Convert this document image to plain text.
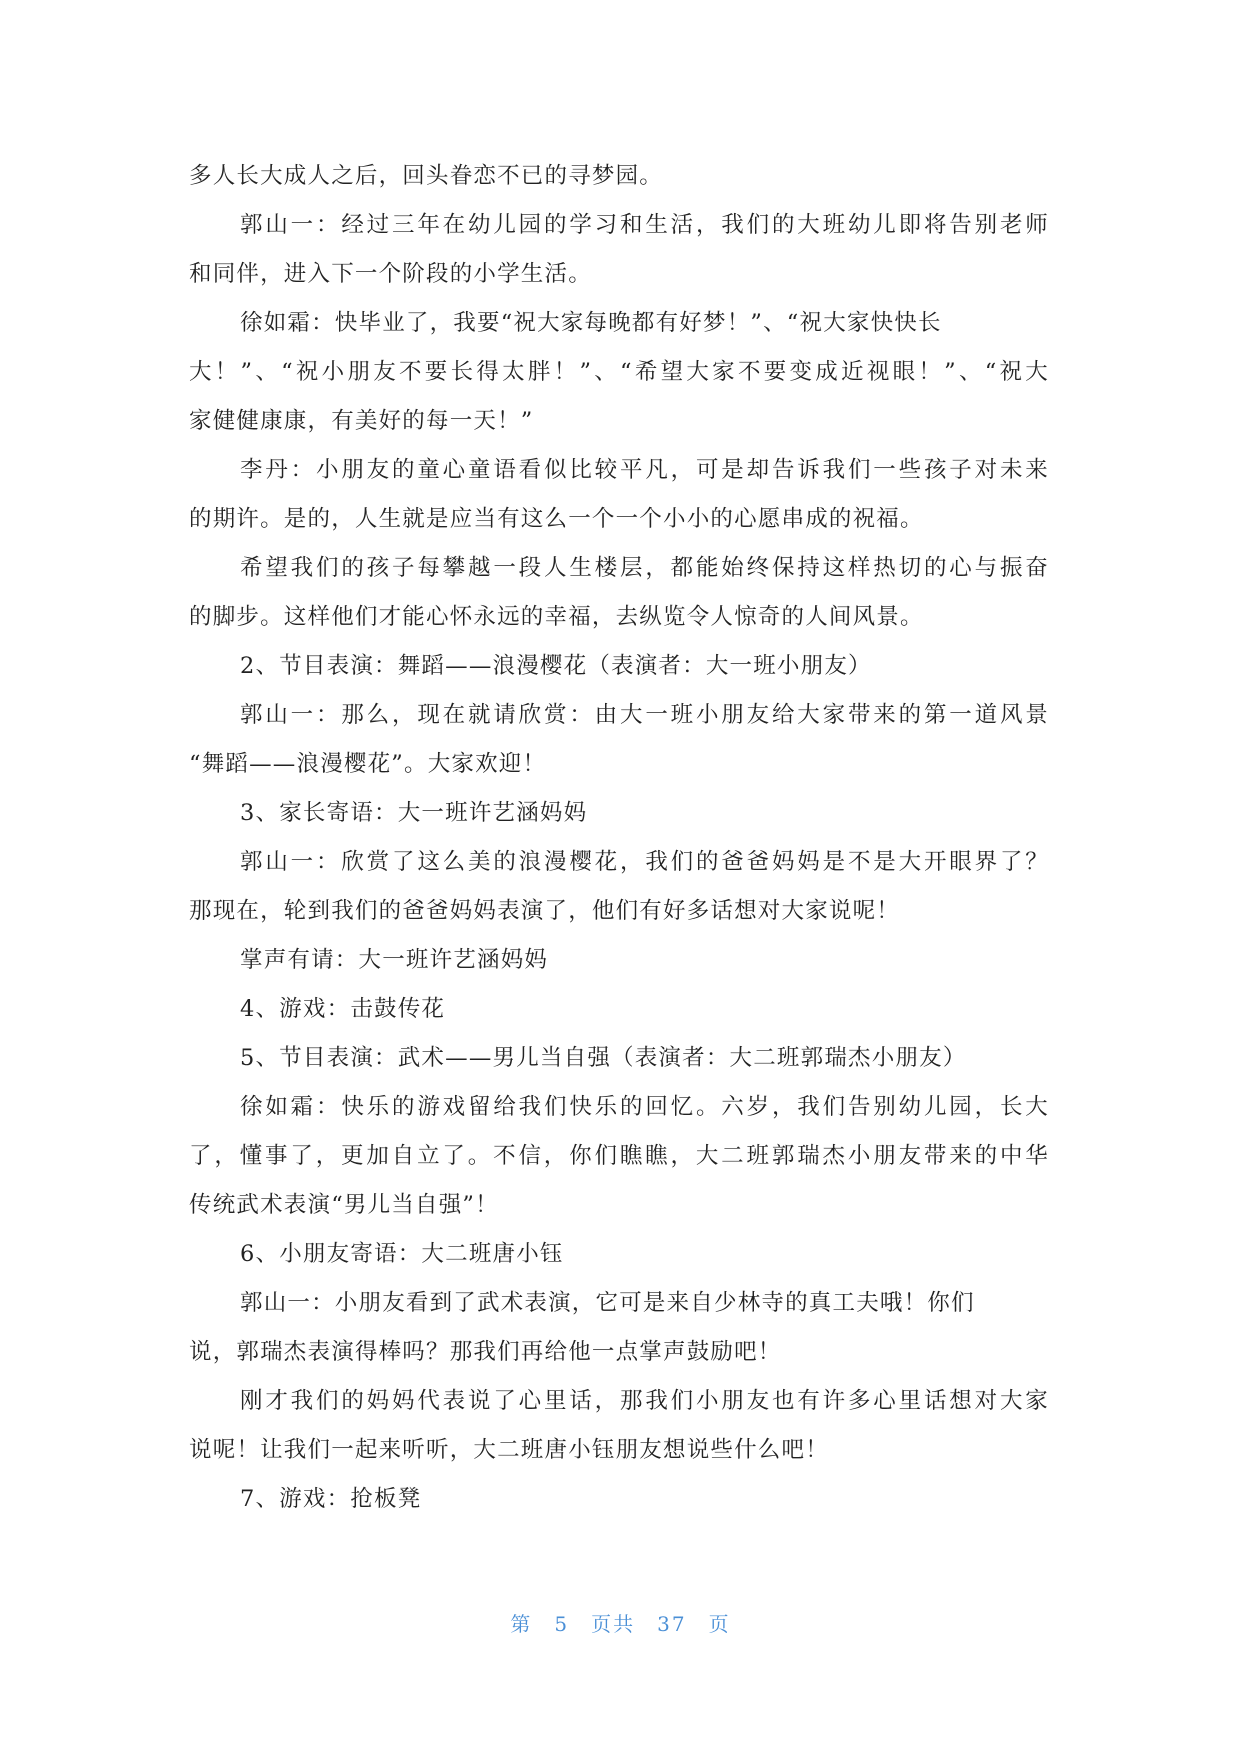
多人长大成人之后，回头眷恋不已的寻梦园。
郭山一：经过三年在幼儿园的学习和生活，我们的大班幼儿即将告别老师
和同伴，进入下一个阶段的小学生活。
徐如霜：快毕业了，我要“祝大家每晚都有好梦！”、“祝大家快快长
大！”、“祝小朋友不要长得太胖！”、“希望大家不要变成近视眼！”、“祝大
家健健康康，有美好的每一天！”
李丹：小朋友的童心童语看似比较平凡，可是却告诉我们一些孩子对未来
的期许。是的，人生就是应当有这么一个一个小小的心愿串成的祝福。
希望我们的孩子每攀越一段人生楼层，都能始终保持这样热切的心与振奋
的脚步。这样他们才能心怀永远的幸福，去纵览令人惊奇的人间风景。
2、节目表演：舞蹈——浪漫樱花（表演者：大一班小朋友）
郭山一：那么，现在就请欣赏：由大一班小朋友给大家带来的第一道风景
“舞蹈——浪漫樱花”。大家欢迎！
3、家长寄语：大一班许艺涵妈妈
郭山一：欣赏了这么美的浪漫樱花，我们的爸爸妈妈是不是大开眼界了？
那现在，轮到我们的爸爸妈妈表演了，他们有好多话想对大家说呢！
掌声有请：大一班许艺涵妈妈
4、游戏：击鼓传花
5、节目表演：武术——男儿当自强（表演者：大二班郭瑞杰小朋友）
徐如霜：快乐的游戏留给我们快乐的回忆。六岁，我们告别幼儿园，长大
了，懂事了，更加自立了。不信，你们瞧瞧，大二班郭瑞杰小朋友带来的中华
传统武术表演“男儿当自强”！
6、小朋友寄语：大二班唐小钰
郭山一：小朋友看到了武术表演，它可是来自少林寺的真工夫哦！你们
说，郭瑞杰表演得棒吗？那我们再给他一点掌声鼓励吧！
刚才我们的妈妈代表说了心里话，那我们小朋友也有许多心里话想对大家
说呢！让我们一起来听听，大二班唐小钰朋友想说些什么吧！
7、游戏：抢板凳
第 5 页共 37 页
